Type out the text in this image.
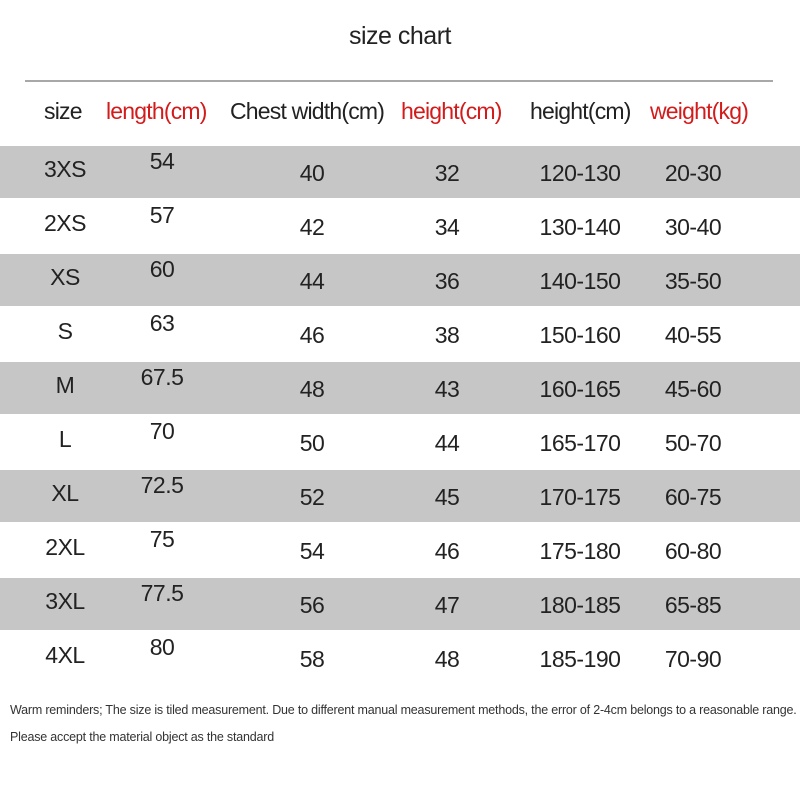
size chart
size length(cm) Chest width(cm) height(cm) height(cm) weight(kg)
3XS	54	40	32	120-130 20-30
2XS	57	42	34	130-140 30-40
XS	60	44	36	140-150 35-50
S	63	46	38	150-160 40-55
M	67.5	48	43	160-165 45-60
L	70	50	44	165-170 50-70
XL	72.5	52	45	170-175 60-75
2XL	75	54	46	175-180 60-80
3XL 77.5	56	47	180-185 65-85
4XL	80	58	48	185-190 70-90
Warm reminders; The size is tiled measurement. Due to different manual measurement methods, the error of 2-4cm belongs to a reasonable range.
Please accept the material object as the standard
